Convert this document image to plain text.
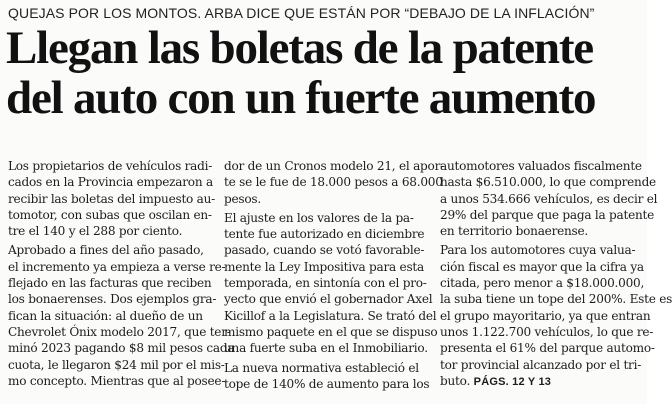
QUEJAS POR LOS MONTOS. ARBA DICE QUE ESTÁN POR “DEBAJO DE LA INFLACIÓN”
Llegan las boletas de la patente
del auto con un fuerte aumento
Los propietarios de vehículos radi-
cados en la Provincia empezaron a
recibir las boletas del impuesto au-
tomotor, con subas que oscilan en-
tre el 140 y el 288 por ciento.
Aprobado a fines del año pasado,
el incremento ya empieza a verse re-
flejado en las facturas que reciben
los bonaerenses. Dos ejemplos gra-
fican la situación: al dueño de un
Chevrolet Ónix modelo 2017, que ter-
minó 2023 pagando $8 mil pesos cada
cuota, le llegaron $24 mil por el mis-
mo concepto. Mientras que al posee-
dor de un Cronos modelo 21, el apor-
te se le fue de 18.000 pesos a 68.000
pesos.
El ajuste en los valores de la pa-
tente fue autorizado en diciembre
pasado, cuando se votó favorable-
mente la Ley Impositiva para esta
temporada, en sintonía con el pro-
yecto que envió el gobernador Axel
Kicillof a la Legislatura. Se trató del
mismo paquete en el que se dispuso
una fuerte suba en el Inmobiliario.
La nueva normativa estableció el
tope de 140% de aumento para los
automotores valuados fiscalmente
hasta $6.510.000, lo que comprende
a unos 534.666 vehículos, es decir el
29% del parque que paga la patente
en territorio bonaerense.
Para los automotores cuya valua-
ción fiscal es mayor que la cifra ya
citada, pero menor a $18.000.000,
la suba tiene un tope del 200%. Este es
el grupo mayoritario, ya que entran
unos 1.122.700 vehículos, lo que re-
presenta el 61% del parque automo-
tor provincial alcanzado por el tri-
buto. PÁGS. 12 Y 13
